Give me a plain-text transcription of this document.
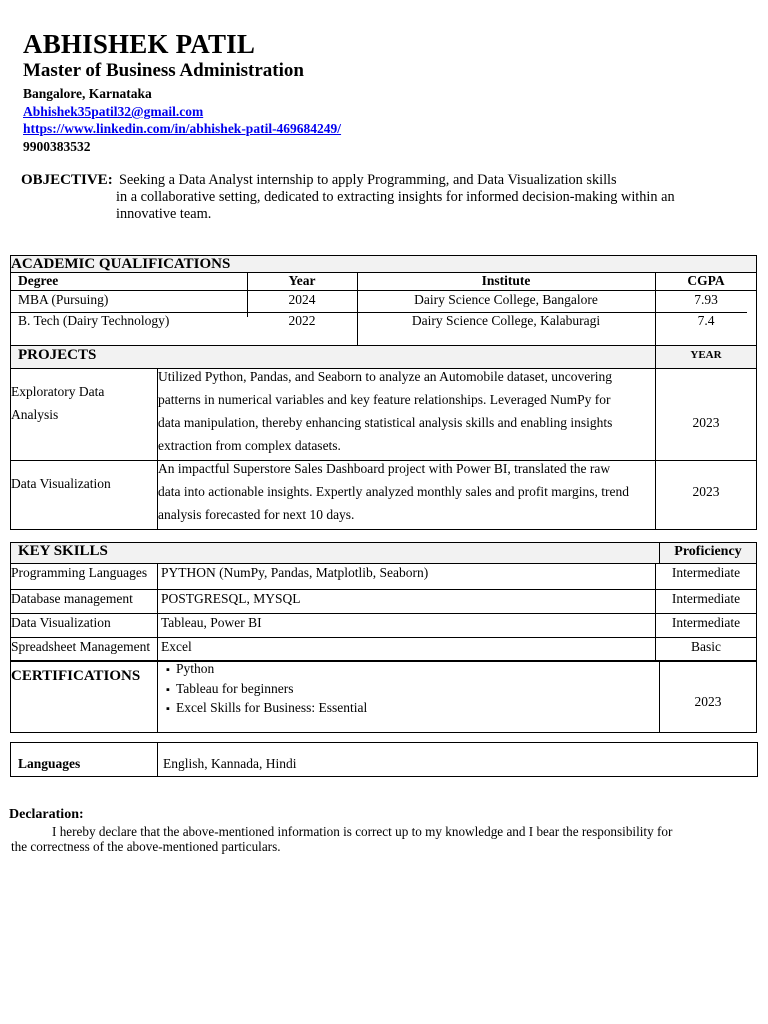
ABHISHEK PATIL
Master of Business Administration
Bangalore, Karnataka
Abhishek35patil32@gmail.com
https://www.linkedin.com/in/abhishek-patil-469684249/
9900383532
OBJECTIVE: Seeking a Data Analyst internship to apply Programming, and Data Visualization skills
in a collaborative setting, dedicated to extracting insights for informed decision-making within an
innovative team.
ACADEMIC QUALIFICATIONS
Degree	Year	Institute	CGPA
MBA (Pursuing)	2024	Dairy Science College, Bangalore	7.93
B. Tech (Dairy Technology)	2022	Dairy Science College, Kalaburagi	7.4
PROJECTS	YEAR
Exploratory Data
Analysis
Utilized Python, Pandas, and Seaborn to analyze an Automobile dataset, uncovering
patterns in numerical variables and key feature relationships. Leveraged NumPy for
data manipulation, thereby enhancing statistical analysis skills and enabling insights
extraction from complex datasets.
2023
Data Visualization
An impactful Superstore Sales Dashboard project with Power BI, translated the raw
data into actionable insights. Expertly analyzed monthly sales and profit margins, trend
analysis forecasted for next 10 days.
2023
KEY SKILLS	Proficiency
Programming Languages PYTHON (NumPy, Pandas, Matplotlib, Seaborn)	Intermediate
Database management POSTGRESQL, MYSQL	Intermediate
Data Visualization	Tableau, Power BI	Intermediate
Spreadsheet Management Excel	Basic
CERTIFICATIONS
▪	Python
▪ Tableau for beginners
▪ Excel Skills for Business: Essential	2023
Languages	English, Kannada, Hindi
Declaration:
I hereby declare that the above-mentioned information is correct up to my knowledge and I bear the responsibility for
the correctness of the above-mentioned particulars.
